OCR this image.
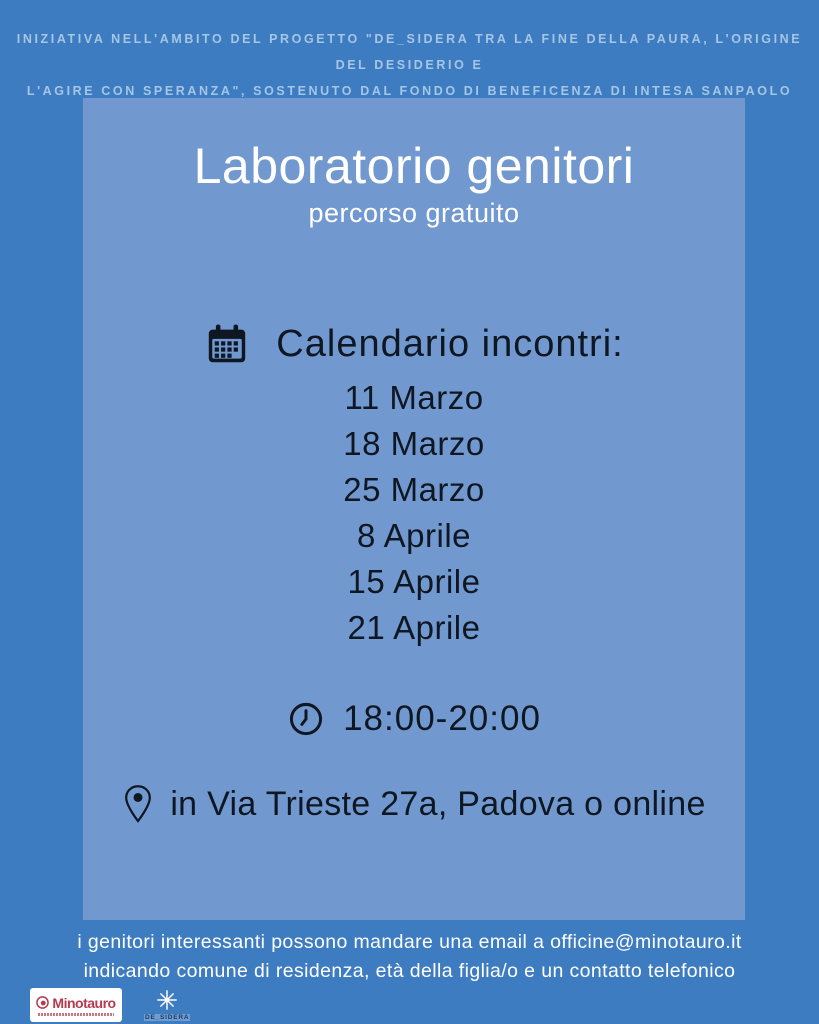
INIZIATIVA NELL'AMBITO DEL PROGETTO "DE_SIDERA TRA LA FINE DELLA PAURA, L'ORIGINE DEL DESIDERIO E
L'AGIRE CON SPERANZA", SOSTENUTO DAL FONDO DI BENEFICENZA DI INTESA SANPAOLO
Laboratorio genitori
percorso gratuito
Calendario incontri:
11 Marzo
18 Marzo
25 Marzo
8 Aprile
15 Aprile
21 Aprile
18:00-20:00
in Via Trieste 27a, Padova o online
i genitori interessanti possono mandare una email a officine@minotauro.it
indicando comune di residenza, età della figlia/o e un contatto telefonico
Minotauro
DE_SIDERA
